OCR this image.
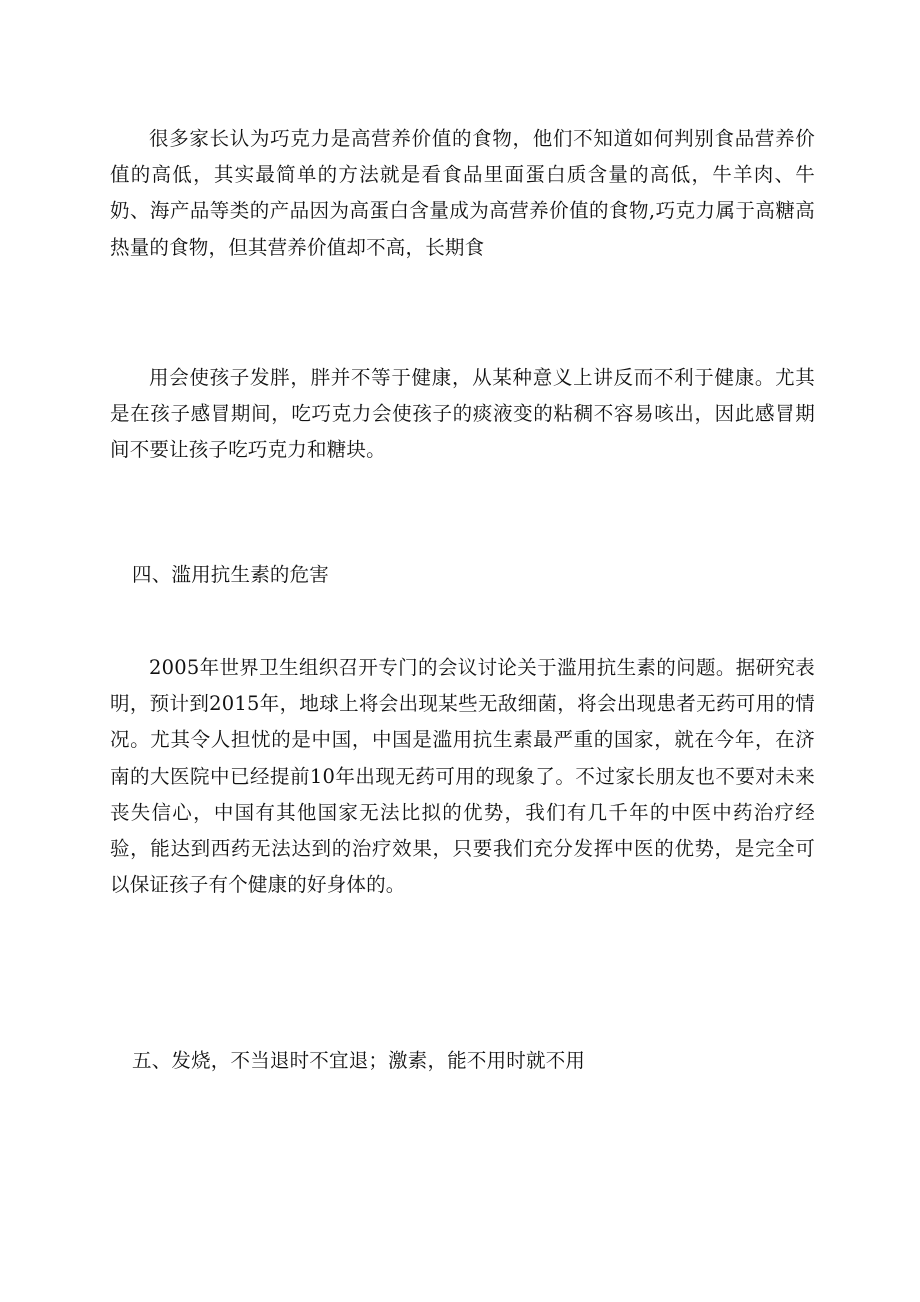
很多家长认为巧克力是高营养价值的食物，他们不知道如何判别食品营养价值的高低，其实最简单的方法就是看食品里面蛋白质含量的高低，牛羊肉、牛奶、海产品等类的产品因为高蛋白含量成为高营养价值的食物,巧克力属于高糖高热量的食物，但其营养价值却不高，长期食

用会使孩子发胖，胖并不等于健康，从某种意义上讲反而不利于健康。尤其是在孩子感冒期间，吃巧克力会使孩子的痰液变的粘稠不容易咳出，因此感冒期间不要让孩子吃巧克力和糖块。

四、滥用抗生素的危害

2005年世界卫生组织召开专门的会议讨论关于滥用抗生素的问题。据研究表明，预计到2015年，地球上将会出现某些无敌细菌，将会出现患者无药可用的情况。尤其令人担忧的是中国，中国是滥用抗生素最严重的国家，就在今年，在济南的大医院中已经提前10年出现无药可用的现象了。不过家长朋友也不要对未来丧失信心，中国有其他国家无法比拟的优势，我们有几千年的中医中药治疗经验，能达到西药无法达到的治疗效果，只要我们充分发挥中医的优势，是完全可以保证孩子有个健康的好身体的。

五、发烧，不当退时不宜退；激素，能不用时就不用
